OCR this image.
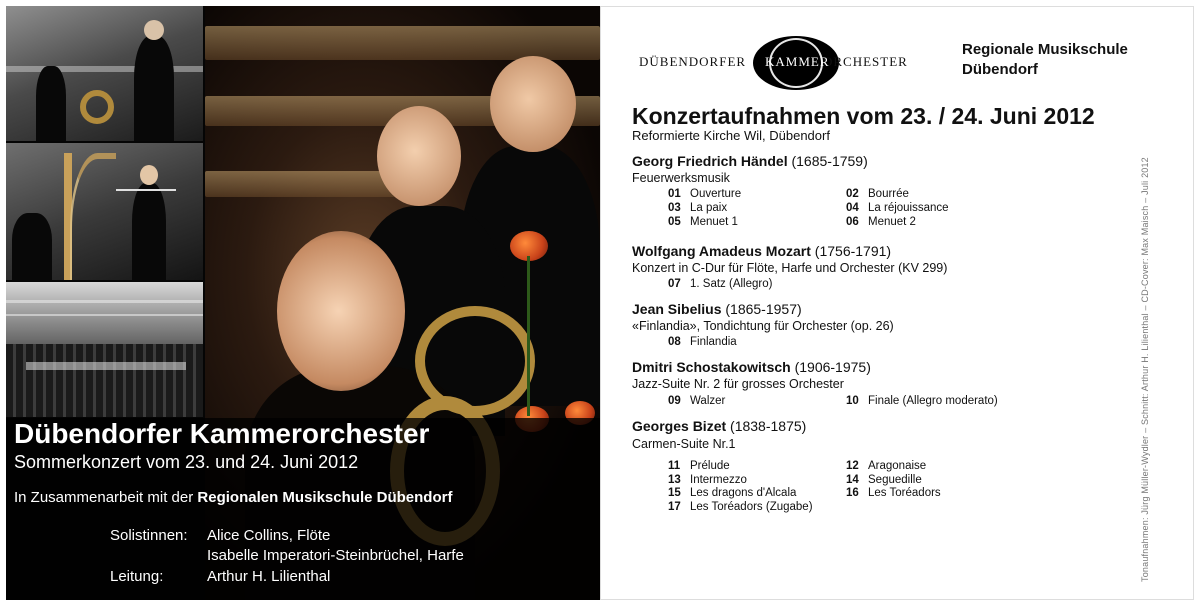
Dübendorfer Kammerorchester
Sommerkonzert vom 23. und 24. Juni 2012
In Zusammenarbeit mit der Regionalen Musikschule Dübendorf
Solistinnen: Alice Collins, Flöte
Isabelle Imperatori-Steinbrüchel, Harfe
Leitung:	Arthur H. Lilienthal
DÜBENDORFER KAMMER
ORCHESTER
Regionale Musikschule
Dübendorf
Konzertaufnahmen vom 23. / 24. Juni 2012
Reformierte Kirche Wil, Dübendorf
Georg Friedrich Händel (1685-1759)
Feuerwerksmusik
01 Ouverture	02 Bourrée
03 La paix	04 La réjouissance
05 Menuet 1	06 Menuet 2
Wolfgang Amadeus Mozart (1756-1791)
Konzert in C-Dur für Flöte, Harfe und Orchester (KV 299)
07 1. Satz (Allegro)
Jean Sibelius (1865-1957)
«Finlandia», Tondichtung für Orchester (op. 26)
08 Finlandia
Dmitri Schostakowitsch (1906-1975)
Jazz-Suite Nr. 2 für grosses Orchester
09 Walzer	10 Finale (Allegro moderato)
Georges Bizet (1838-1875)
Carmen-Suite Nr.1
11 Prélude	12 Aragonaise
13 Intermezzo	14 Seguedille
15 Les dragons d'Alcala	16 Les Toréadors
17 Les Toréadors (Zugabe)	Tonaufnahmen: Jürg Müller-Wydler – Schnitt: Arthur H. Lilienthal – CD-Cover: Max Maisch – Juli 2012
